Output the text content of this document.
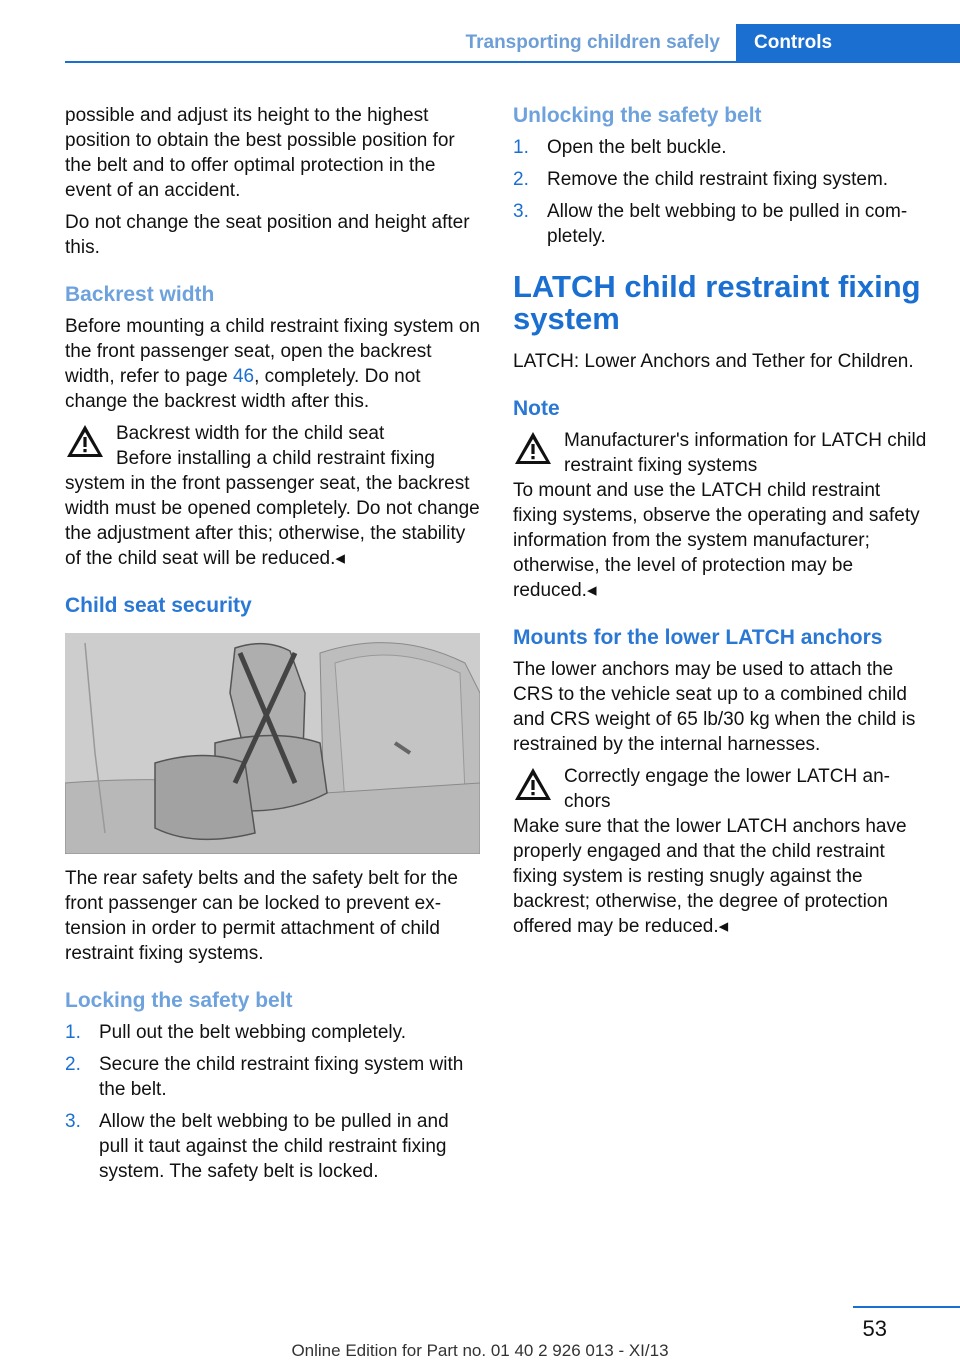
Transporting children safely	Controls

possible and adjust its height to the highest position to obtain the best possible position for the belt and to offer optimal protection in the event of an accident.

Do not change the seat position and height after this.

Backrest width

Before mounting a child restraint fixing system on the front passenger seat, open the backrest width, refer to page 46, completely. Do not change the backrest width after this.

Backrest width for the child seat
Before installing a child restraint fixing
system in the front passenger seat, the backrest width must be opened completely. Do not change the adjustment after this; otherwise, the stability of the child seat will be reduced.◂
Child seat security

The rear safety belts and the safety belt for the front passenger can be locked to prevent extension in order to permit attachment of child restraint fixing systems.

Locking the safety belt
1. Pull out the belt webbing completely.
2. Secure the child restraint fixing system with the belt.
3. Allow the belt webbing to be pulled in and pull it taut against the child restraint fixing system. The safety belt is locked.
Unlocking the safety belt
1. Open the belt buckle.
2. Remove the child restraint fixing system.
3. Allow the belt webbing to be pulled in completely.
LATCH child restraint fixing system

LATCH: Lower Anchors and Tether for Children.

Note
Manufacturer's information for LATCH child restraint fixing systems
To mount and use the LATCH child restraint fixing systems, observe the operating and safety information from the system manufacturer; otherwise, the level of protection may be reduced.◂
Mounts for the lower LATCH anchors

The lower anchors may be used to attach the CRS to the vehicle seat up to a combined child and CRS weight of 65 lb/30 kg when the child is restrained by the internal harnesses.

Correctly engage the lower LATCH anchors
Make sure that the lower LATCH anchors have properly engaged and that the child restraint fixing system is resting snugly against the backrest; otherwise, the degree of protection offered may be reduced.◂
53
Online Edition for Part no. 01 40 2 926 013 - XI/13
